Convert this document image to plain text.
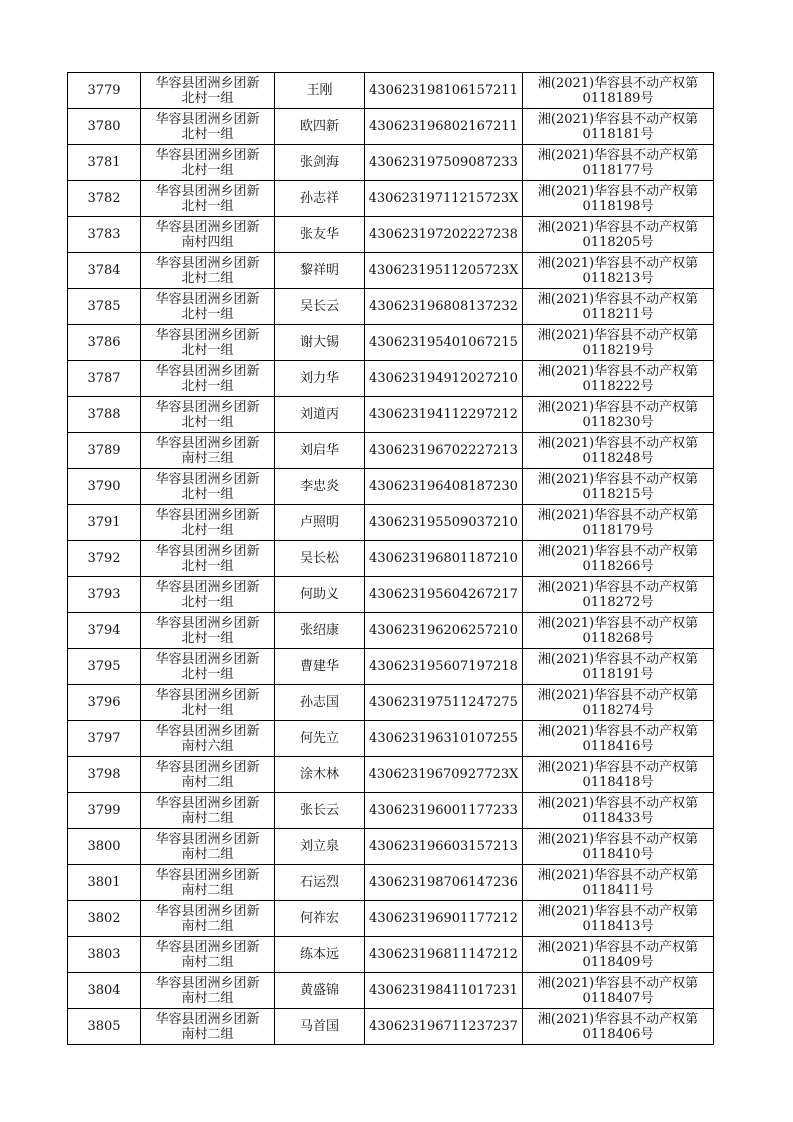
3779	华容县团洲乡团新
北村一组	王刚	430623198106157211	湘(2021)华容县不动产权第
0118189号

3780	华容县团洲乡团新
北村一组	欧四新	430623196802167211	湘(2021)华容县不动产权第
0118181号

3781	华容县团洲乡团新
北村一组	张剑海	430623197509087233	湘(2021)华容县不动产权第
0118177号

3782	华容县团洲乡团新
北村一组	孙志祥	43062319711215723X	湘(2021)华容县不动产权第
0118198号

3783	华容县团洲乡团新
南村四组	张友华	430623197202227238	湘(2021)华容县不动产权第
0118205号

3784	华容县团洲乡团新
北村二组	黎祥明	43062319511205723X	湘(2021)华容县不动产权第
0118213号

3785	华容县团洲乡团新
北村一组	吴长云	430623196808137232	湘(2021)华容县不动产权第
0118211号

3786	华容县团洲乡团新
北村一组	谢大锡	430623195401067215	湘(2021)华容县不动产权第
0118219号

3787	华容县团洲乡团新
北村一组	刘力华	430623194912027210	湘(2021)华容县不动产权第
0118222号

3788	华容县团洲乡团新
北村一组	刘道丙	430623194112297212	湘(2021)华容县不动产权第
0118230号

3789	华容县团洲乡团新
南村三组	刘启华	430623196702227213	湘(2021)华容县不动产权第
0118248号

3790	华容县团洲乡团新
北村一组	李忠炎	430623196408187230	湘(2021)华容县不动产权第
0118215号

3791	华容县团洲乡团新
北村一组	卢照明	430623195509037210	湘(2021)华容县不动产权第
0118179号

3792	华容县团洲乡团新
北村一组	吴长松	430623196801187210	湘(2021)华容县不动产权第
0118266号

3793	华容县团洲乡团新
北村一组	何助义	430623195604267217	湘(2021)华容县不动产权第
0118272号

3794	华容县团洲乡团新
北村一组	张绍康	430623196206257210	湘(2021)华容县不动产权第
0118268号

3795	华容县团洲乡团新
北村一组	曹建华	430623195607197218	湘(2021)华容县不动产权第
0118191号

3796	华容县团洲乡团新
北村一组	孙志国	430623197511247275	湘(2021)华容县不动产权第
0118274号

3797	华容县团洲乡团新
南村六组	何先立	430623196310107255	湘(2021)华容县不动产权第
0118416号

3798	华容县团洲乡团新
南村二组	涂木林	43062319670927723X	湘(2021)华容县不动产权第
0118418号

3799	华容县团洲乡团新
南村二组	张长云	430623196001177233	湘(2021)华容县不动产权第
0118433号

3800	华容县团洲乡团新
南村二组	刘立泉	430623196603157213	湘(2021)华容县不动产权第
0118410号

3801	华容县团洲乡团新
南村二组	石运烈	430623198706147236	湘(2021)华容县不动产权第
0118411号

3802	华容县团洲乡团新
南村二组	何祚宏	430623196901177212	湘(2021)华容县不动产权第
0118413号

3803	华容县团洲乡团新
南村二组	练本远	430623196811147212	湘(2021)华容县不动产权第
0118409号

3804	华容县团洲乡团新
南村二组	黄盛锦	430623198411017231	湘(2021)华容县不动产权第
0118407号

3805	华容县团洲乡团新
南村二组	马首国	430623196711237237	湘(2021)华容县不动产权第
0118406号
